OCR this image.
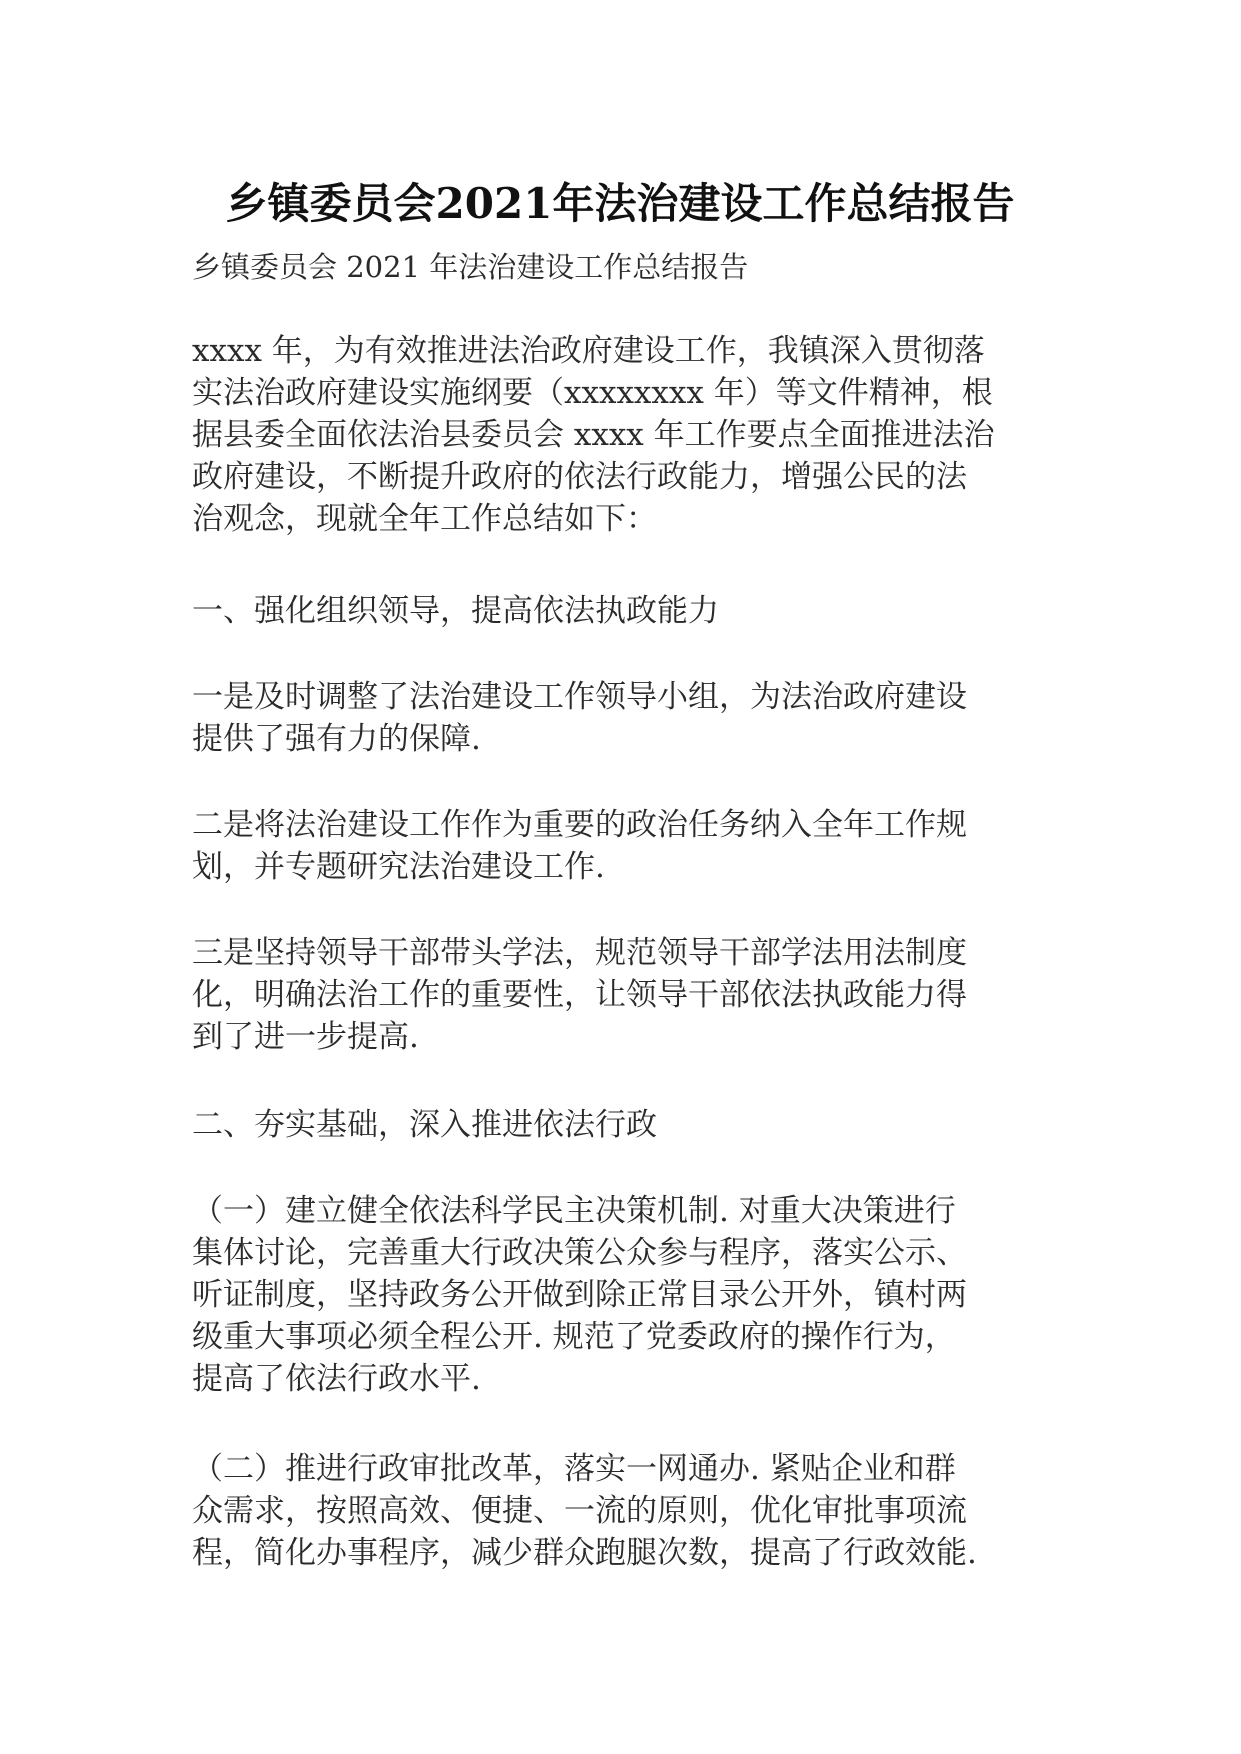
乡镇委员会2021年法治建设工作总结报告
乡镇委员会 2021 年法治建设工作总结报告
xxxx 年，为有效推进法治政府建设工作，我镇深入贯彻落
实法治政府建设实施纲要（xxxxxxxx 年）等文件精神，根
据县委全面依法治县委员会 xxxx 年工作要点全面推进法治
政府建设，不断提升政府的依法行政能力，增强公民的法
治观念，现就全年工作总结如下：
一、强化组织领导，提高依法执政能力
一是及时调整了法治建设工作领导小组，为法治政府建设
提供了强有力的保障.
二是将法治建设工作作为重要的政治任务纳入全年工作规
划，并专题研究法治建设工作.
三是坚持领导干部带头学法，规范领导干部学法用法制度
化，明确法治工作的重要性，让领导干部依法执政能力得
到了进一步提高.
二、夯实基础，深入推进依法行政
（一）建立健全依法科学民主决策机制. 对重大决策进行
集体讨论，完善重大行政决策公众参与程序，落实公示、
听证制度，坚持政务公开做到除正常目录公开外，镇村两
级重大事项必须全程公开. 规范了党委政府的操作行为，
提高了依法行政水平.
（二）推进行政审批改革，落实一网通办. 紧贴企业和群
众需求，按照高效、便捷、一流的原则，优化审批事项流
程，简化办事程序，减少群众跑腿次数，提高了行政效能.
